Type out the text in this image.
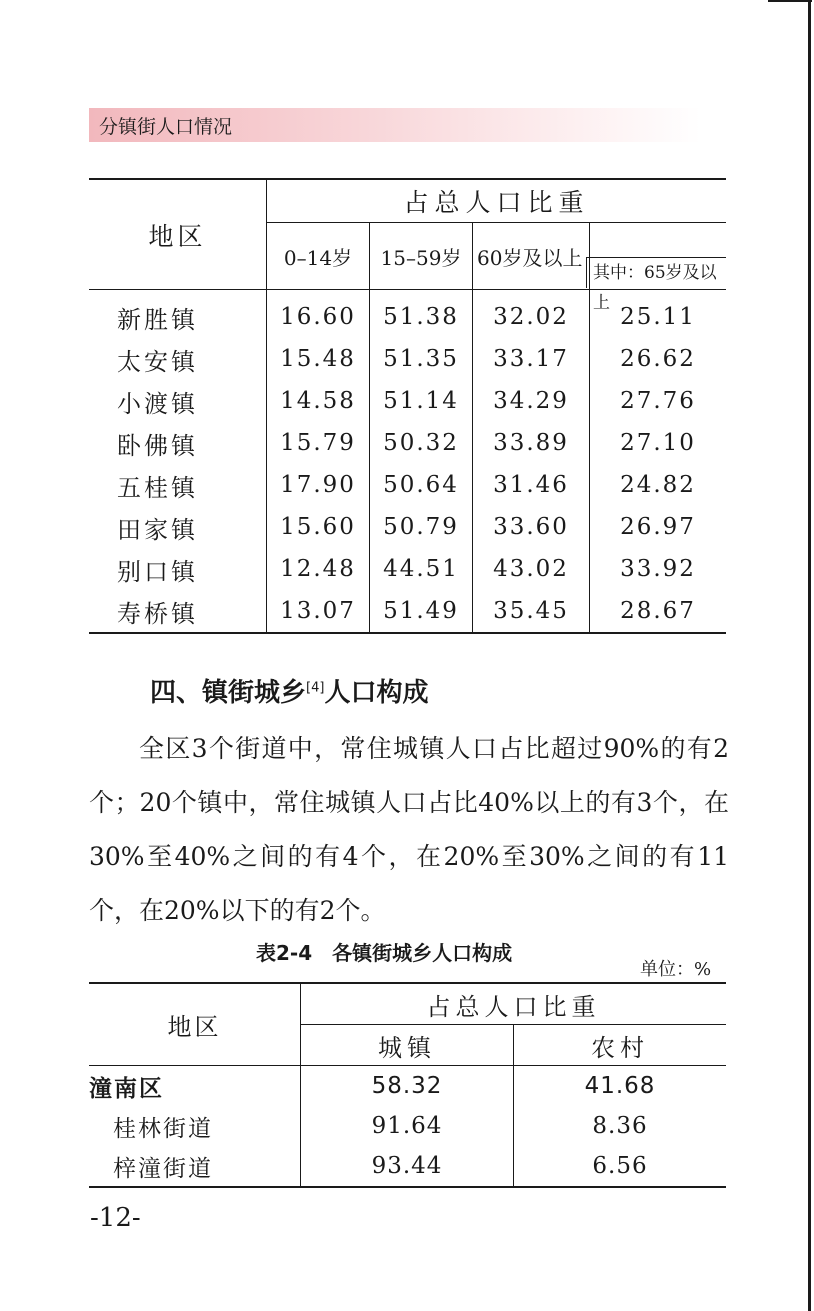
分镇街人口情况
地区	占总人口比重			
	0–14岁	15–59岁	60岁及以上	其中：65岁及以上

新胜镇	16.60	51.38	32.02	25.11
太安镇	15.48	51.35	33.17	26.62
小渡镇	14.58	51.14	34.29	27.76
卧佛镇	15.79	50.32	33.89	27.10
五桂镇	17.90	50.64	31.46	24.82
田家镇	15.60	50.79	33.60	26.97
别口镇	12.48	44.51	43.02	33.92
寿桥镇	13.07	51.49	35.45	28.67
四、镇街城乡[4]人口构成

全区3个街道中，常住城镇人口占比超过90%的有2个；20个镇中，常住城镇人口占比40%以上的有3个，在30%至40%之间的有4个，在20%至30%之间的有11个，在20%以下的有2个。

表2-4　各镇街城乡人口构成
单位：%
地区	占总人口比重	
	城镇	农村
潼南区	58.32	41.68
桂林街道	91.64	8.36
梓潼街道	93.44	6.56
-12-
